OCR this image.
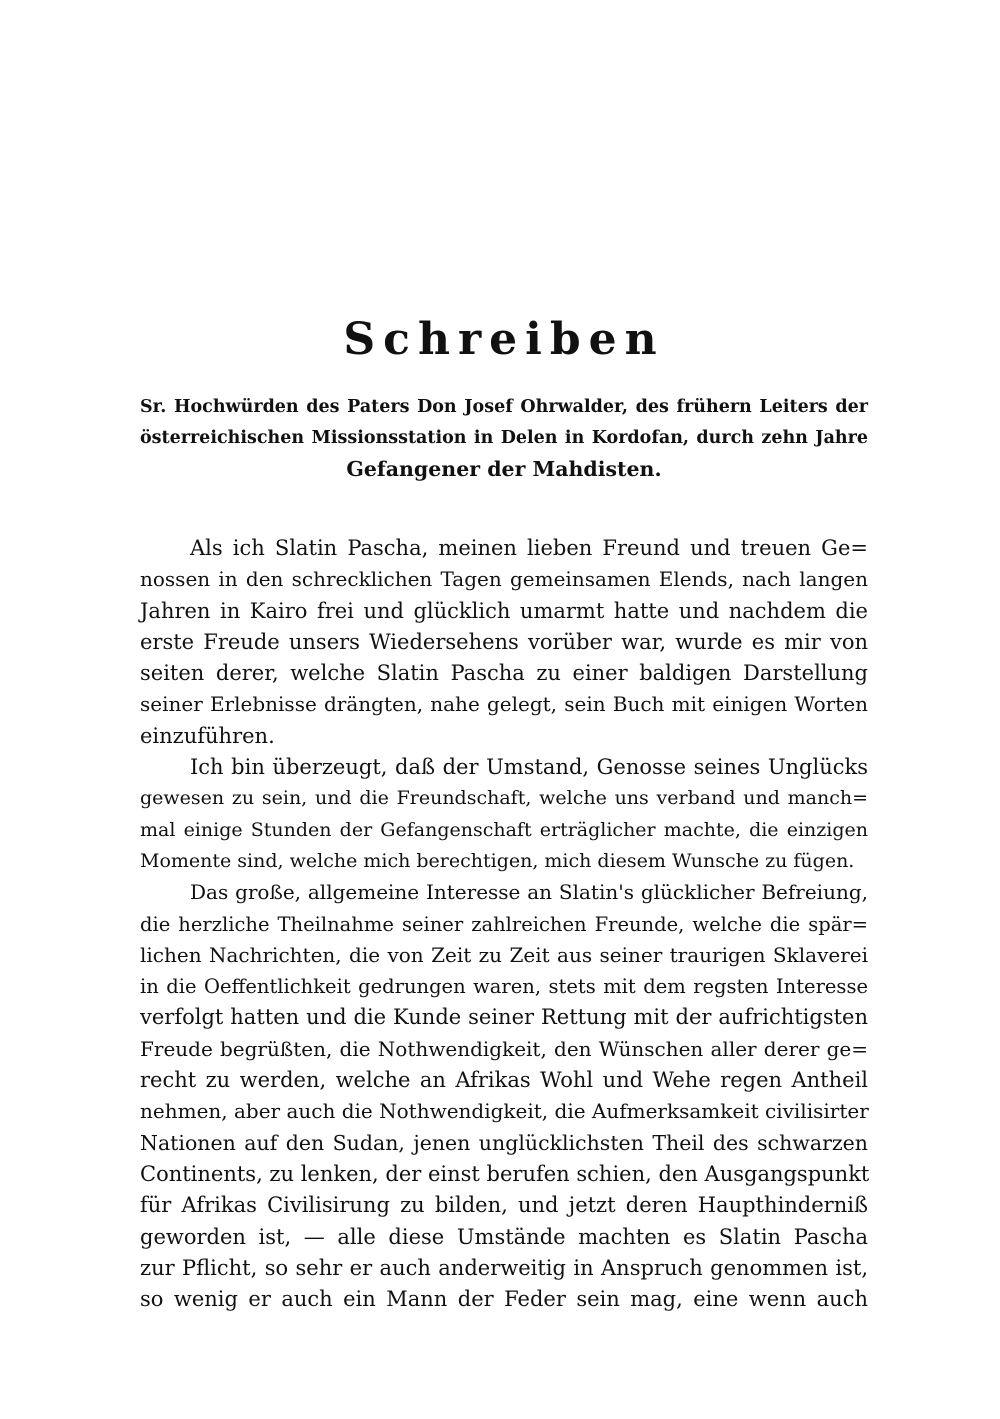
Schreiben
Sr. Hochwürden des Paters Don Josef Ohrwalder, des frühern Leiters der
österreichischen Missionsstation in Delen in Kordofan, durch zehn Jahre
Gefangener der Mahdisten.
Als ich Slatin Pascha, meinen lieben Freund und treuen Ge=
nossen in den schrecklichen Tagen gemeinsamen Elends, nach langen
Jahren in Kairo frei und glücklich umarmt hatte und nachdem die
erste Freude unsers Wiedersehens vorüber war, wurde es mir von
seiten derer, welche Slatin Pascha zu einer baldigen Darstellung
seiner Erlebnisse drängten, nahe gelegt, sein Buch mit einigen Worten
einzuführen.
Ich bin überzeugt, daß der Umstand, Genosse seines Unglücks
gewesen zu sein, und die Freundschaft, welche uns verband und manch=
mal einige Stunden der Gefangenschaft erträglicher machte, die einzigen
Momente sind, welche mich berechtigen, mich diesem Wunsche zu fügen.
Das große, allgemeine Interesse an Slatin's glücklicher Befreiung,
die herzliche Theilnahme seiner zahlreichen Freunde, welche die spär=
lichen Nachrichten, die von Zeit zu Zeit aus seiner traurigen Sklaverei
in die Oeffentlichkeit gedrungen waren, stets mit dem regsten Interesse
verfolgt hatten und die Kunde seiner Rettung mit der aufrichtigsten
Freude begrüßten, die Nothwendigkeit, den Wünschen aller derer ge=
recht zu werden, welche an Afrikas Wohl und Wehe regen Antheil
nehmen, aber auch die Nothwendigkeit, die Aufmerksamkeit civilisirter
Nationen auf den Sudan, jenen unglücklichsten Theil des schwarzen
Continents, zu lenken, der einst berufen schien, den Ausgangspunkt
für Afrikas Civilisirung zu bilden, und jetzt deren Haupthinderniß
geworden ist, — alle diese Umstände machten es Slatin Pascha
zur Pflicht, so sehr er auch anderweitig in Anspruch genommen ist,
so wenig er auch ein Mann der Feder sein mag, eine wenn auch
